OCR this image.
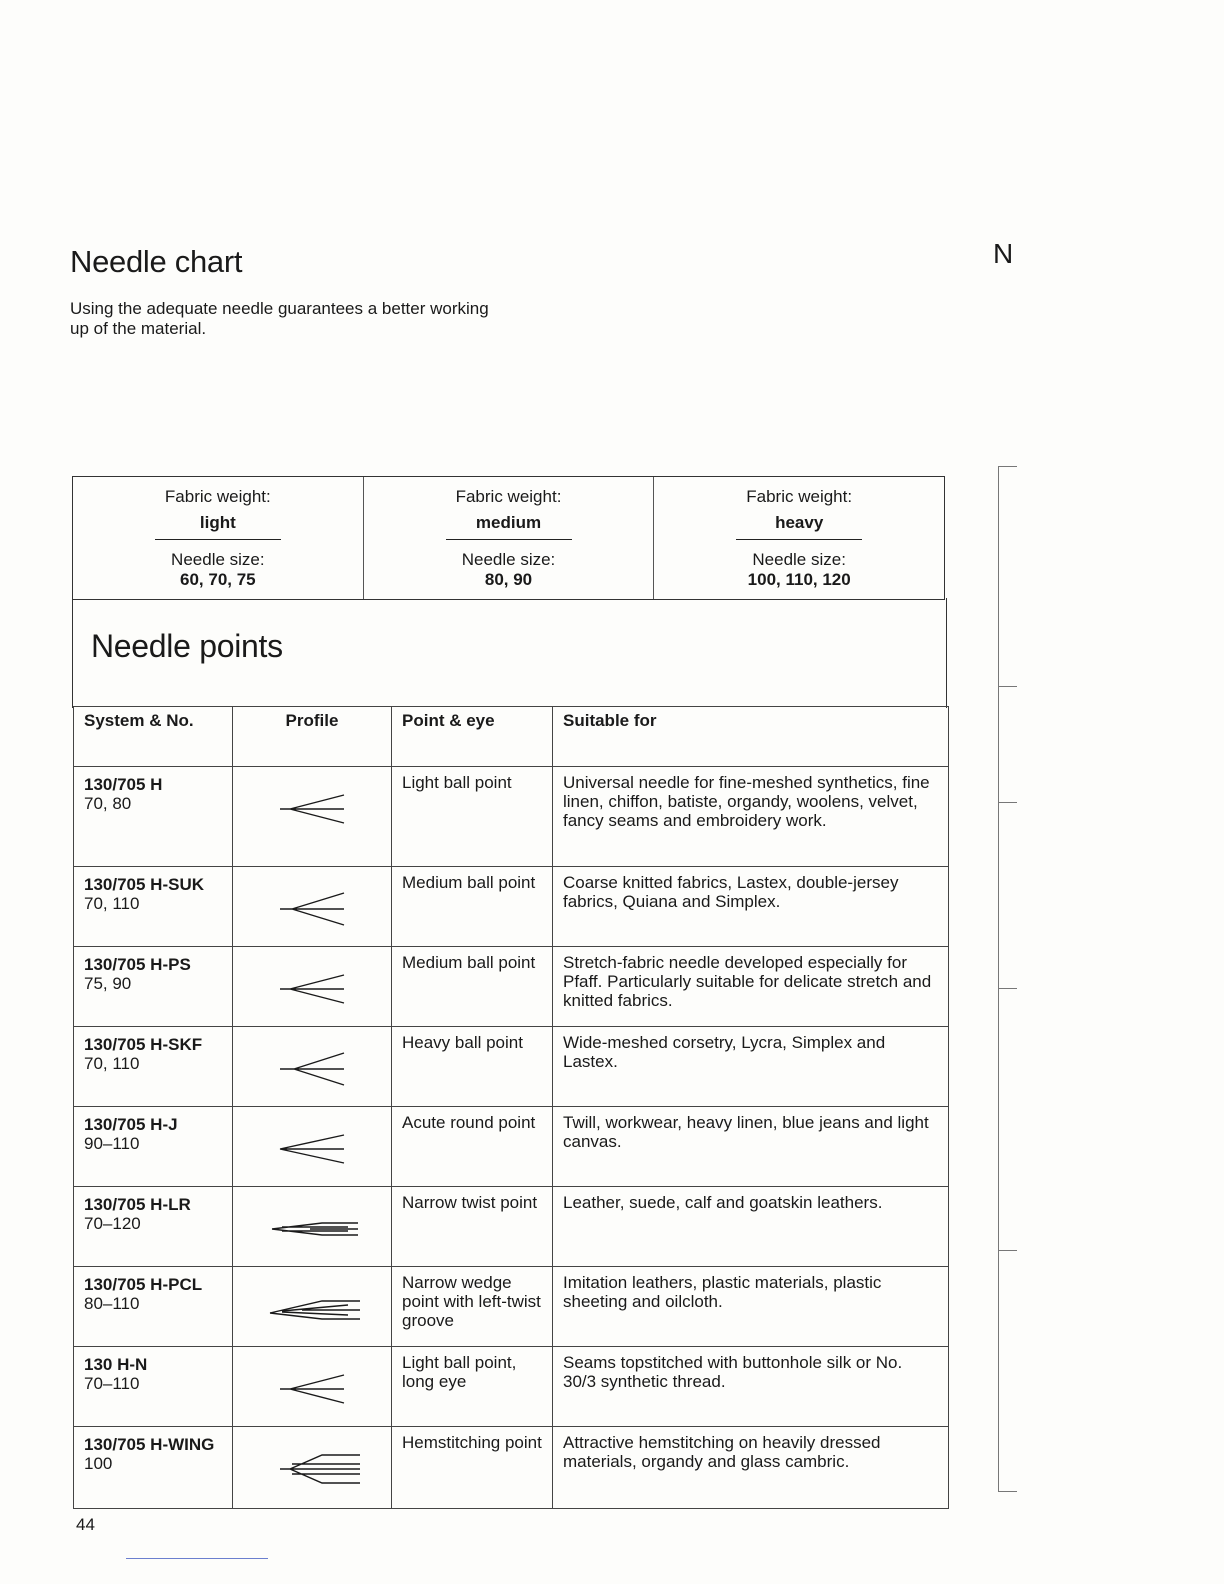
Needle chart
Using the adequate needle guarantees a better working up of the material.
N
Fabric weight:
light
Needle size:
60, 70, 75
Fabric weight:
medium
Needle size:
80, 90
Fabric weight:
heavy
Needle size:
100, 110, 120
Needle points
System & No.	Profile	Point & eye	Suitable for

130/705 H
70, 80		Light ball point	Universal needle for fine-meshed synthetics, fine linen, chiffon, batiste, organdy, woolens, velvet, fancy seams and embroidery work.

130/705 H-SUK
70, 110		Medium ball point	Coarse knitted fabrics, Lastex, double-jersey fabrics, Quiana and Simplex.

130/705 H-PS
75, 90		Medium ball point	Stretch-fabric needle developed especially for Pfaff. Particularly suitable for delicate stretch and knitted fabrics.

130/705 H-SKF
70, 110		Heavy ball point	Wide-meshed corsetry, Lycra, Simplex and Lastex.

130/705 H-J
90–110		Acute round point	Twill, workwear, heavy linen, blue jeans and light canvas.

130/705 H-LR
70–120		Narrow twist point	Leather, suede, calf and goatskin leathers.

130/705 H-PCL
80–110		Narrow wedge point with left-twist groove	Imitation leathers, plastic materials, plastic sheeting and oilcloth.

130 H-N
70–110		Light ball point, long eye	Seams topstitched with buttonhole silk or No. 30/3 synthetic thread.

130/705 H-WING
100		Hemstitching point	Attractive hemstitching on heavily dressed materials, organdy and glass cambric.
44
